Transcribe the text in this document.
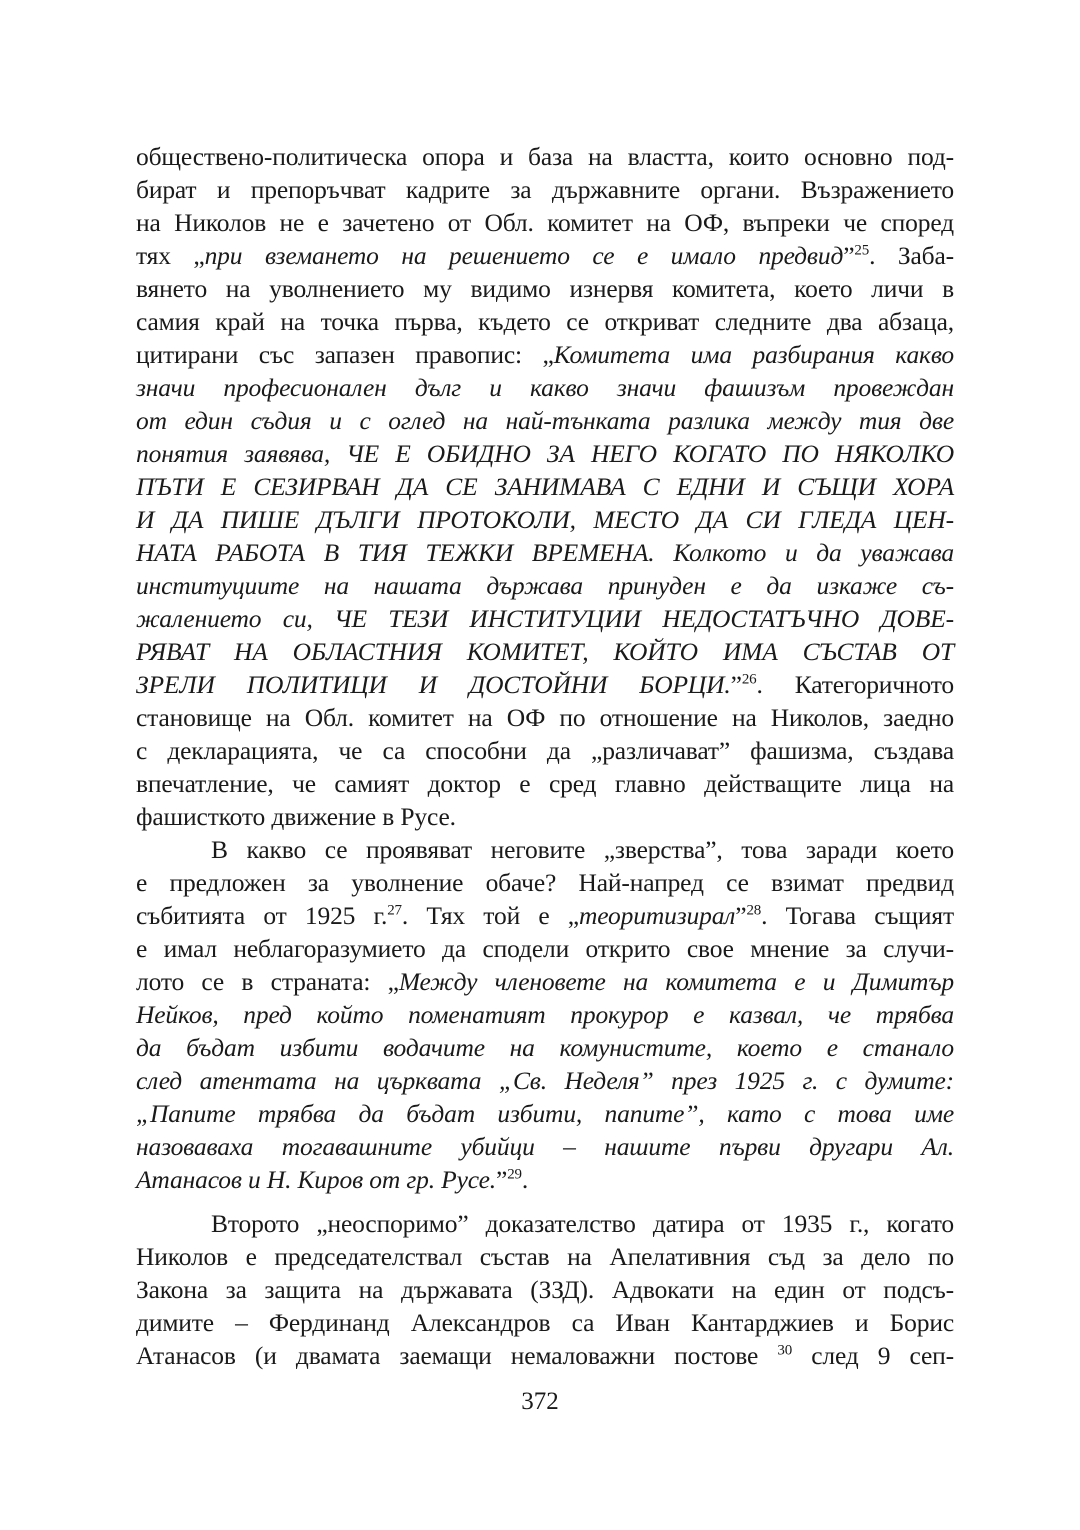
обществено-политическа опора и база на властта, които основно под-
бират и препоръчват кадрите за държавните органи. Възражението
на Николов не е зачетено от Обл. комитет на ОФ, въпреки че според
тях „при вземането на решението се е имало предвид”$^{25}$. Заба-
вянето на уволнението му видимо изнервя комитета, което личи в
самия край на точка първа, където се откриват следните два абзаца,
цитирани със запазен правопис: „Комитета има разбирания какво
значи професионален дълг и какво значи фашизъм провеждан
от един съдия и с оглед на най-тънката разлика между тия две
понятия заявява, ЧЕ Е ОБИДНО ЗА НЕГО КОГАТО ПО НЯКОЛКО
ПЪТИ Е СЕЗИРВАН ДА СЕ ЗАНИМАВА С ЕДНИ И СЪЩИ ХОРА
И ДА ПИШЕ ДЪЛГИ ПРОТОКОЛИ, МЕСТО ДА СИ ГЛЕДА ЦЕН-
НАТА РАБОТА В ТИЯ ТЕЖКИ ВРЕМЕНА. Колкото и да уважава
институциите на нашата държава принуден е да изкаже съ-
жалението си, ЧЕ ТЕЗИ ИНСТИТУЦИИ НЕДОСТАТЪЧНО ДОВЕ-
РЯВАТ НА ОБЛАСТНИЯ КОМИТЕТ, КОЙТО ИМА СЪСТАВ ОТ
ЗРЕЛИ ПОЛИТИЦИ И ДОСТОЙНИ БОРЦИ.”$^{26}$. Категоричното
становище на Обл. комитет на ОФ по отношение на Николов, заедно
с декларацията, че са способни да „различават” фашизма, създава
впечатление, че самият доктор е сред главно действащите лица на
фашисткото движение в Русе.
В какво се проявяват неговите „зверства”, това заради което
е предложен за уволнение обаче? Най-напред се взимат предвид
събитията от 1925 г.$^{27}$. Тях той е „теоритизирал”$^{28}$. Тогава същият
е имал неблагоразумието да сподели открито свое мнение за случи-
лото се в страната: „Между членовете на комитета е и Димитър
Нейков, пред който поменатият прокурор е казвал, че трябва
да бъдат избити водачите на комунистите, което е станало
след атентата на църквата „Св. Неделя” през 1925 г. с думите:
„Папите трябва да бъдат избити, папите”, като с това име
назоваваха тогавашните убийци – нашите първи другари Ал.
Атанасов и Н. Киров от гр. Русе.”$^{29}$.
Второто „неоспоримо” доказателство датира от 1935 г., когато
Николов е председателствал състав на Апелативния съд за дело по
Закона за защита на държавата (ЗЗД). Адвокати на един от подсъ-
димите – Фердинанд Александров са Иван Кантарджиев и Борис
Атанасов (и двамата заемащи немаловажни постове $^{30}$ след 9 сеп-
372
